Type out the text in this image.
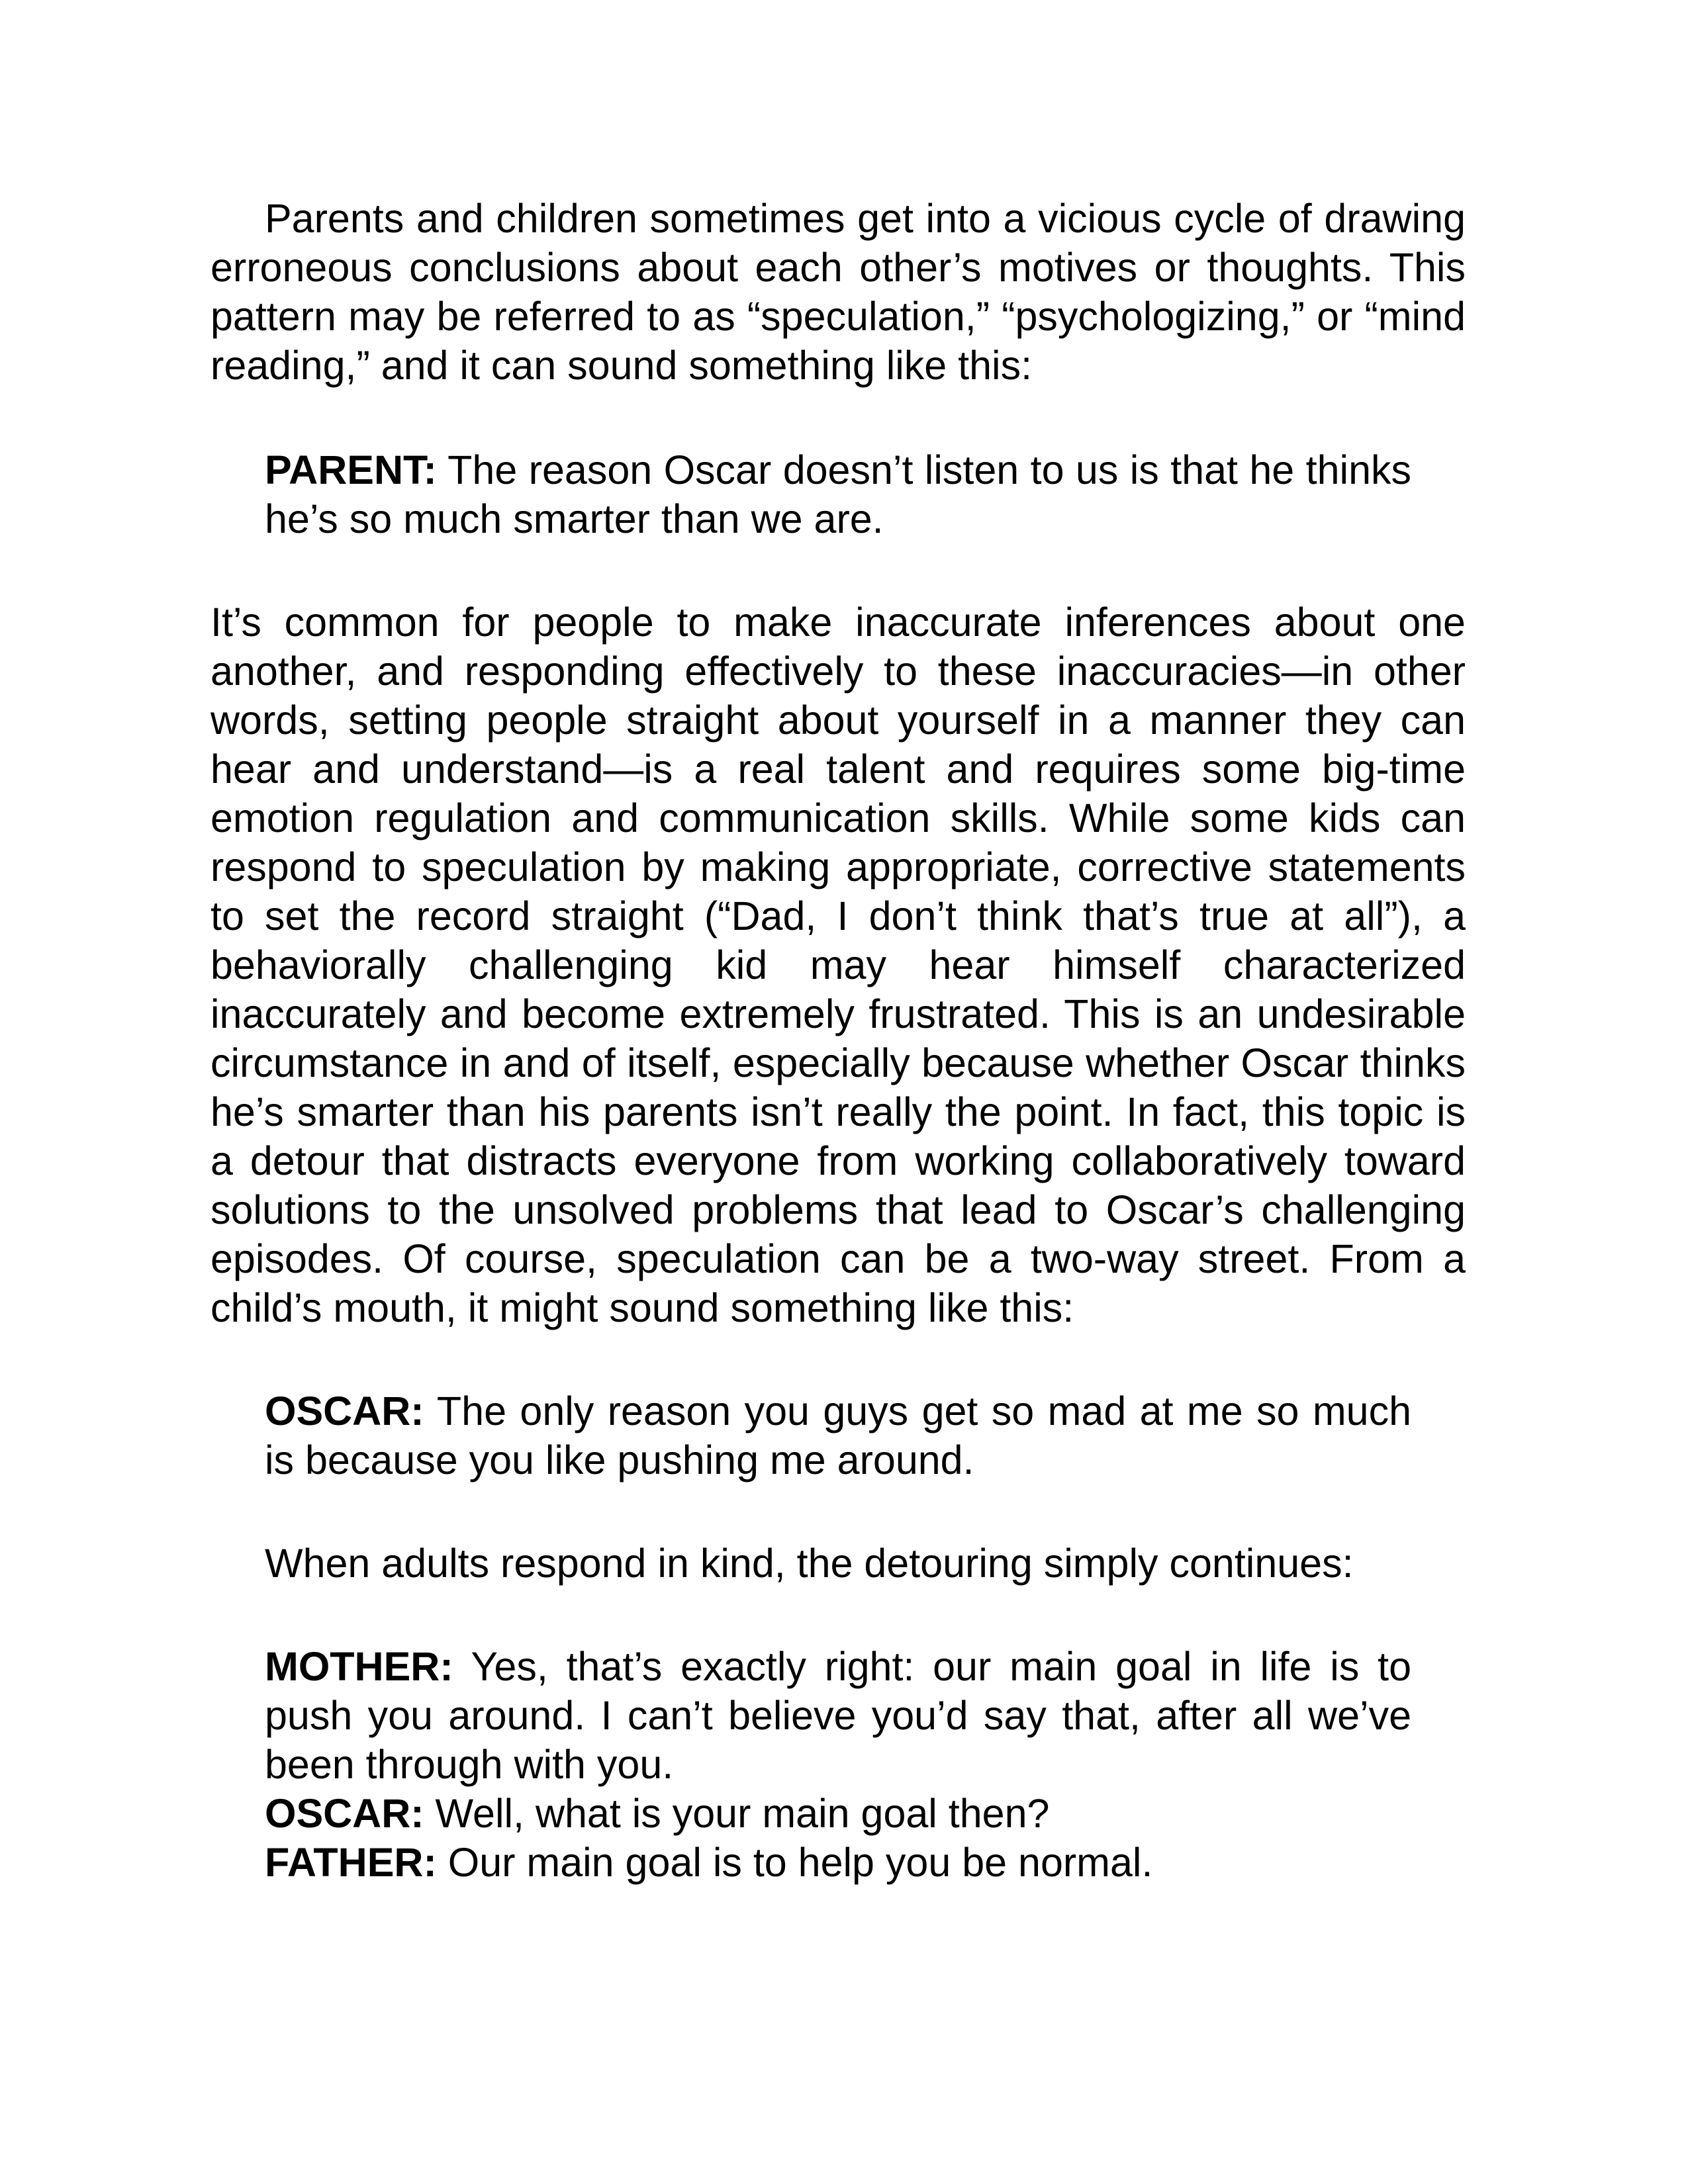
Parents and children sometimes get into a vicious cycle of drawing erroneous conclusions about each other’s motives or thoughts. This pattern may be referred to as “speculation,” “psychologizing,” or “mind reading,” and it can sound something like this:

PARENT: The reason Oscar doesn’t listen to us is that he thinks he’s so much smarter than we are.

It’s common for people to make inaccurate inferences about one another, and responding effectively to these inaccuracies—in other words, setting people straight about yourself in a manner they can hear and understand—is a real talent and requires some big-time emotion regulation and communication skills. While some kids can respond to speculation by making appropriate, corrective statements to set the record straight (“Dad, I don’t think that’s true at all”), a behaviorally challenging kid may hear himself characterized inaccurately and become extremely frustrated. This is an undesirable circumstance in and of itself, especially because whether Oscar thinks he’s smarter than his parents isn’t really the point. In fact, this topic is a detour that distracts everyone from working collaboratively toward solutions to the unsolved problems that lead to Oscar’s challenging episodes. Of course, speculation can be a two-way street. From a child’s mouth, it might sound something like this:

OSCAR: The only reason you guys get so mad at me so much is because you like pushing me around.

When adults respond in kind, the detouring simply continues:

MOTHER: Yes, that’s exactly right: our main goal in life is to push you around. I can’t believe you’d say that, after all we’ve been through with you.

OSCAR: Well, what is your main goal then?

FATHER: Our main goal is to help you be normal.
